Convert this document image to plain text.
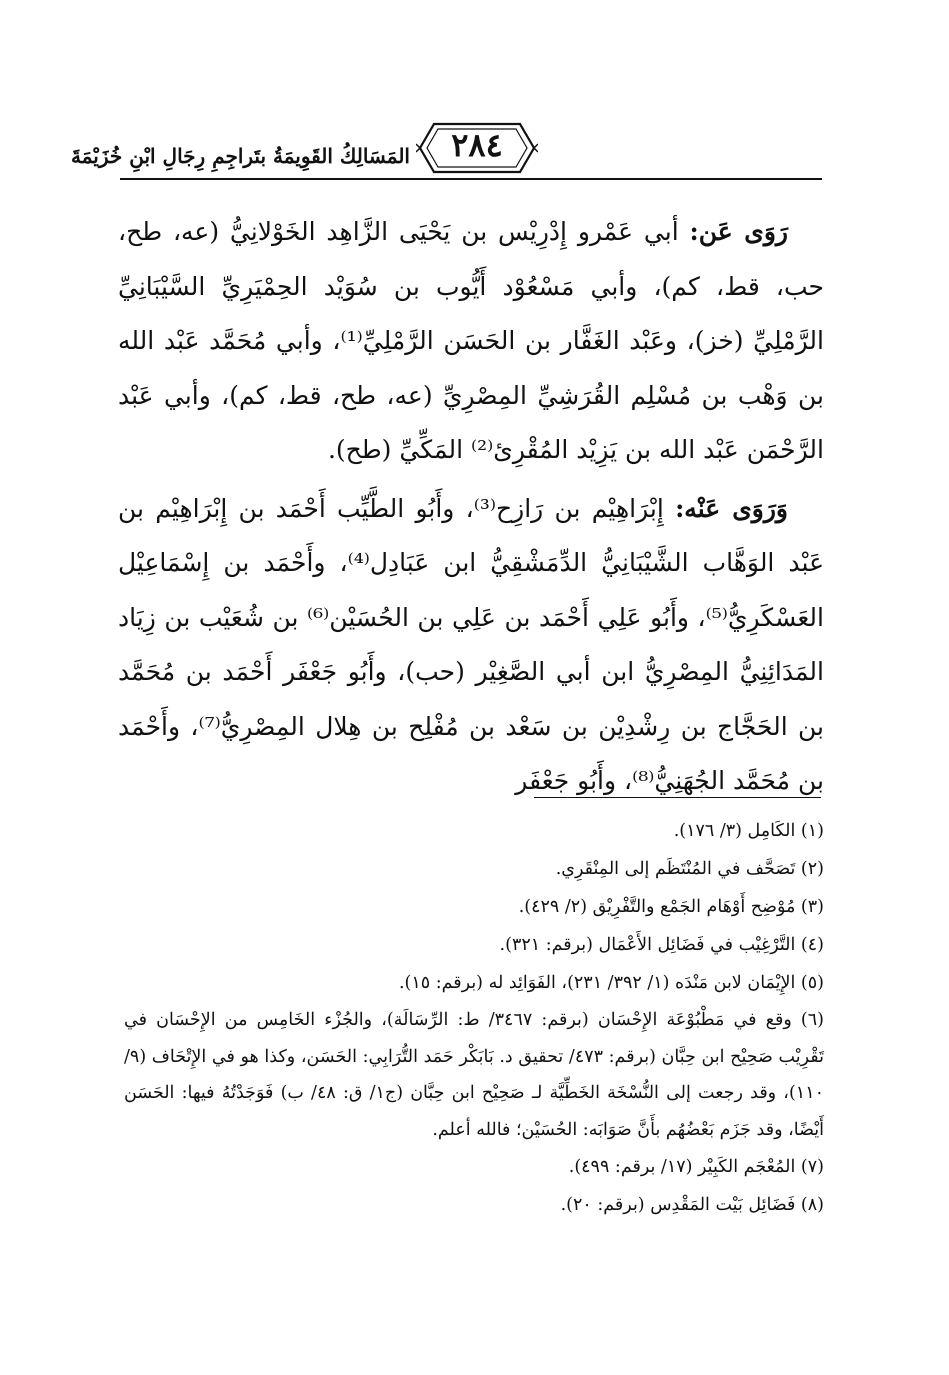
٢٨٤
المَسَالِكُ القَوِيمَةُ بتَراجِمِ رِجَالِ ابْنِ خُزَيْمَةَ

رَوَى عَن: أبي عَمْرو إِدْرِيْس بن يَحْيَى الزَّاهِد الخَوْلانِيُّ (عه، طح، حب، قط، كم)، وأبي مَسْعُوْد أَيُّوب بن سُوَيْد الحِمْيَرِيِّ السَّيْبَانِيِّ الرَّمْلِيِّ (خز)، وعَبْد الغَفَّار بن الحَسَن الرَّمْلِيِّ⁽¹⁾، وأبي مُحَمَّد عَبْد الله بن وَهْب بن مُسْلِم القُرَشِيِّ المِصْرِيِّ (عه، طح، قط، كم)، وأبي عَبْد الرَّحْمَن عَبْد الله بن يَزِيْد المُقْرِئ⁽²⁾ المَكِّيِّ (طح).

وَرَوَى عَنْه: إِبْرَاهِيْم بن رَازِح⁽³⁾، وأَبُو الطَّيِّب أَحْمَد بن إِبْرَاهِيْم بن عَبْد الوَهَّاب الشَّيْبَانِيُّ الدِّمَشْقِيُّ ابن عَبَادِل⁽⁴⁾، وأَحْمَد بن إِسْمَاعِيْل العَسْكَرِيُّ⁽⁵⁾، وأَبُو عَلِي أَحْمَد بن عَلِي بن الحُسَيْن⁽⁶⁾ بن شُعَيْب بن زِيَاد المَدَائِنِيُّ المِصْرِيُّ ابن أبي الصَّغِيْر (حب)، وأَبُو جَعْفَر أَحْمَد بن مُحَمَّد بن الحَجَّاج بن رِشْدِيْن بن سَعْد بن مُفْلِح بن هِلال المِصْرِيُّ⁽⁷⁾، وأَحْمَد بن مُحَمَّد الجُهَنِيُّ⁽⁸⁾، وأَبُو جَعْفَر

(١) الكَامِل (٣/ ١٧٦).

(٢) تَصَحَّف في المُنْتَظَم إلى المِنْقَرِي.

(٣) مُوْضِح أَوْهَام الجَمْع والتَّفْرِيْق (٢/ ٤٢٩).

(٤) التَّرْغِيْب في فَضَائِل الأَعْمَال (برقم: ٣٢١).

(٥) الإِيْمَان لابن مَنْدَه (١/ ٣٩٢/ ٢٣١)، الفَوَائِد له (برقم: ١٥).

(٦) وقع في مَطْبُوْعَة الإِحْسَان (برقم: ٣٤٦٧/ ط: الرِّسَالَة)، والجُزْء الخَامِس من الإِحْسَان في تَقْرِيْب صَحِيْح ابن حِبَّان (برقم: ٤٧٣/ تحقيق د. بَابَكْر حَمَد التُّرَابِي: الحَسَن، وكذا هو في الإِتْحَاف (٩/ ١١٠)، وقد رجعت إلى النُّسْخَة الخَطِّيَّة لـ صَحِيْح ابن حِبَّان (ج١/ ق: ٤٨/ ب) فَوَجَدْتُهُ فيها: الحَسَن أَيْضًا، وقد جَزَم بَعْضُهُم بأَنَّ صَوَابَه: الحُسَيْن؛ فالله أعلم.

(٧) المُعْجَم الكَبِيْر (١٧/ برقم: ٤٩٩).

(٨) فَضَائِل بَيْت المَقْدِس (برقم: ٢٠).
